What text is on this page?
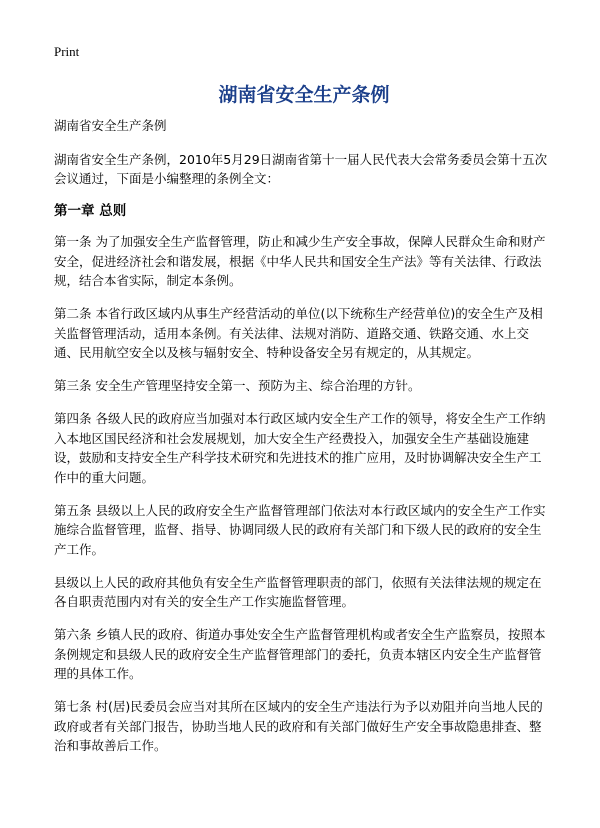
Print
湖南省安全生产条例

湖南省安全生产条例

湖南省安全生产条例，2010年5月29日湖南省第十一届人民代表大会常务委员会第十五次会议通过，下面是小编整理的条例全文：

第一章 总则

第一条 为了加强安全生产监督管理，防止和减少生产安全事故，保障人民群众生命和财产安全，促进经济社会和谐发展，根据《中华人民共和国安全生产法》等有关法律、行政法规，结合本省实际，制定本条例。

第二条 本省行政区域内从事生产经营活动的单位(以下统称生产经营单位)的安全生产及相关监督管理活动，适用本条例。有关法律、法规对消防、道路交通、铁路交通、水上交通、民用航空安全以及核与辐射安全、特种设备安全另有规定的，从其规定。

第三条 安全生产管理坚持安全第一、预防为主、综合治理的方针。

第四条 各级人民的政府应当加强对本行政区域内安全生产工作的领导，将安全生产工作纳入本地区国民经济和社会发展规划，加大安全生产经费投入，加强安全生产基础设施建设，鼓励和支持安全生产科学技术研究和先进技术的推广应用，及时协调解决安全生产工作中的重大问题。

第五条 县级以上人民的政府安全生产监督管理部门依法对本行政区域内的安全生产工作实施综合监督管理，监督、指导、协调同级人民的政府有关部门和下级人民的政府的安全生产工作。

县级以上人民的政府其他负有安全生产监督管理职责的部门，依照有关法律法规的规定在各自职责范围内对有关的安全生产工作实施监督管理。

第六条 乡镇人民的政府、街道办事处安全生产监督管理机构或者安全生产监察员，按照本条例规定和县级人民的政府安全生产监督管理部门的委托，负责本辖区内安全生产监督管理的具体工作。

第七条 村(居)民委员会应当对其所在区域内的安全生产违法行为予以劝阻并向当地人民的政府或者有关部门报告，协助当地人民的政府和有关部门做好生产安全事故隐患排查、整治和事故善后工作。
